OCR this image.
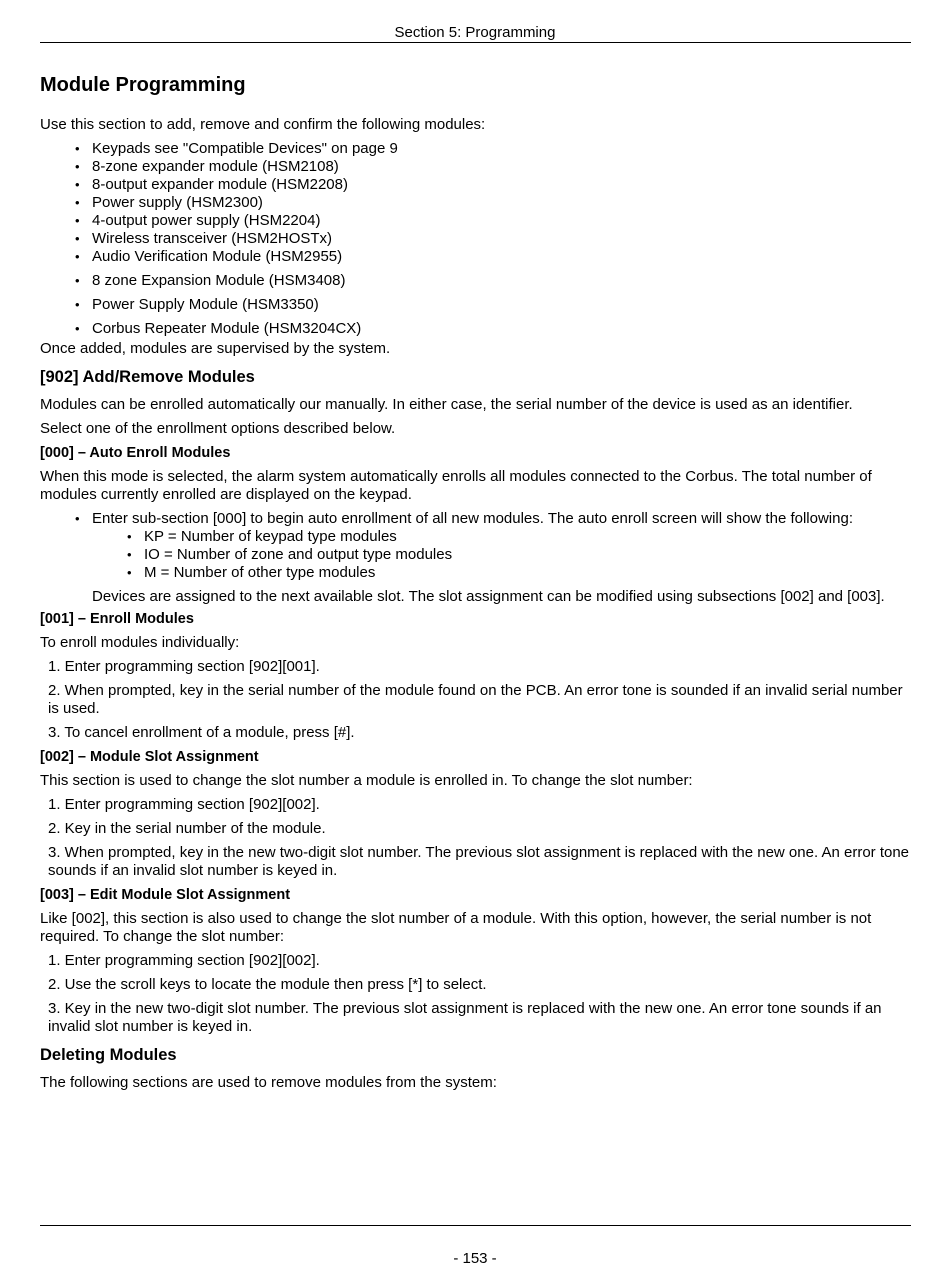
Section 5: Programming
Module Programming

Use this section to add, remove and confirm the following modules:

• Keypads see "Compatible Devices" on page 9
• 8-zone expander module (HSM2108)
• 8-output expander module (HSM2208)
• Power supply (HSM2300)
• 4-output power supply (HSM2204)
• Wireless transceiver (HSM2HOSTx)
• Audio Verification Module (HSM2955)
• 8 zone Expansion Module (HSM3408)
• Power Supply Module (HSM3350)
• Corbus Repeater Module (HSM3204CX)

Once added, modules are supervised by the system.

[902] Add/Remove Modules

Modules can be enrolled automatically our manually. In either case, the serial number of the device is used as an identifier.

Select one of the enrollment options described below.

[000] – Auto Enroll Modules

When this mode is selected, the alarm system automatically enrolls all modules connected to the Corbus. The total number of modules currently enrolled are displayed on the keypad.

• Enter sub-section [000] to begin auto enrollment of all new modules. The auto enroll screen will show the following:
• KP = Number of keypad type modules
• IO = Number of zone and output type modules
• M = Number of other type modules

Devices are assigned to the next available slot. The slot assignment can be modified using subsections [002] and [003].

[001] – Enroll Modules

To enroll modules individually:

1. Enter programming section [902][001].
2. When prompted, key in the serial number of the module found on the PCB. An error tone is sounded if an invalid serial number is used.
3. To cancel enrollment of a module, press [#].
[002] – Module Slot Assignment

This section is used to change the slot number a module is enrolled in. To change the slot number:

1. Enter programming section [902][002].
2. Key in the serial number of the module.
3. When prompted, key in the new two-digit slot number. The previous slot assignment is replaced with the new one. An error tone sounds if an invalid slot number is keyed in.
[003] – Edit Module Slot Assignment

Like [002], this section is also used to change the slot number of a module. With this option, however, the serial number is not required. To change the slot number:

1. Enter programming section [902][002].
2. Use the scroll keys to locate the module then press [*] to select.
3. Key in the new two-digit slot number. The previous slot assignment is replaced with the new one. An error tone sounds if an invalid slot number is keyed in.
Deleting Modules

The following sections are used to remove modules from the system:

- 153 -
